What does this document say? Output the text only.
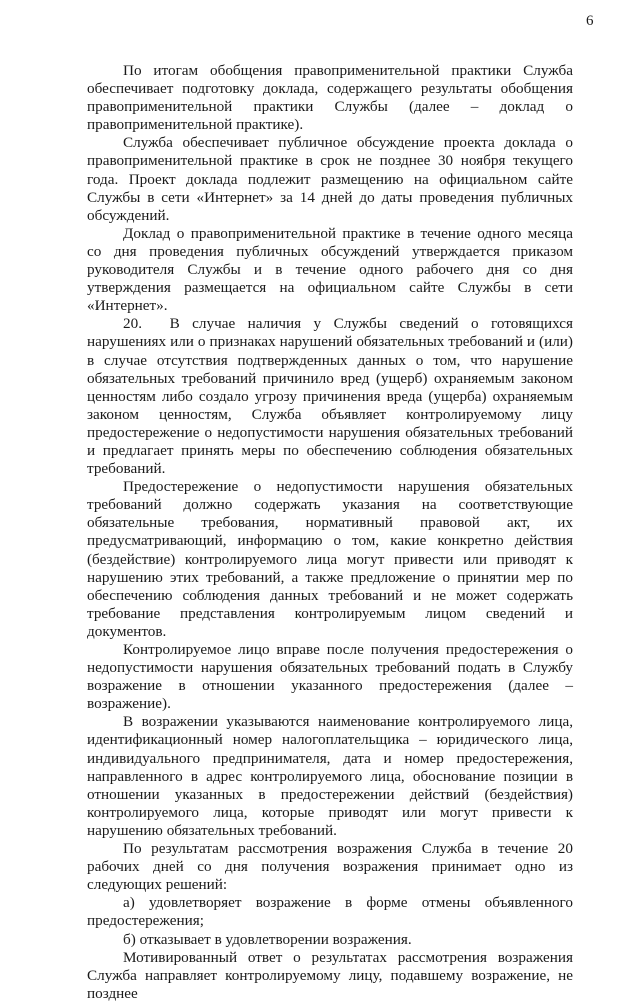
6

По итогам обобщения правоприменительной практики Служба обеспечивает подготовку доклада, содержащего результаты обобщения правоприменительной практики Службы (далее – доклад о правоприменительной практике).

Служба обеспечивает публичное обсуждение проекта доклада о правоприменительной практике в срок не позднее 30 ноября текущего года. Проект доклада подлежит размещению на официальном сайте Службы в сети «Интернет» за 14 дней до даты проведения публичных обсуждений.

Доклад о правоприменительной практике в течение одного месяца со дня проведения публичных обсуждений утверждается приказом руководителя Службы и в течение одного рабочего дня со дня утверждения размещается на официальном сайте Службы в сети «Интернет».

20.  В случае наличия у Службы сведений о готовящихся нарушениях или о признаках нарушений обязательных требований и (или) в случае отсутствия подтвержденных данных о том, что нарушение обязательных требований причинило вред (ущерб) охраняемым законом ценностям либо создало угрозу причинения вреда (ущерба) охраняемым законом ценностям, Служба объявляет контролируемому лицу предостережение о недопустимости нарушения обязательных требований и предлагает принять меры по обеспечению соблюдения обязательных требований.

Предостережение о недопустимости нарушения обязательных требований должно содержать указания на соответствующие обязательные требования, нормативный правовой акт, их предусматривающий, информацию о том, какие конкретно действия (бездействие) контролируемого лица могут привести или приводят к нарушению этих требований, а также предложение о принятии мер по обеспечению соблюдения данных требований и не может содержать требование представления контролируемым лицом сведений и документов.

Контролируемое лицо вправе после получения предостережения о недопустимости нарушения обязательных требований подать в Службу возражение в отношении указанного предостережения (далее – возражение).

В возражении указываются наименование контролируемого лица, идентификационный номер налогоплательщика – юридического лица, индивидуального предпринимателя, дата и номер предостережения, направленного в адрес контролируемого лица, обоснование позиции в отношении указанных в предостережении действий (бездействия) контролируемого лица, которые приводят или могут привести к нарушению обязательных требований.

По результатам рассмотрения возражения Служба в течение 20 рабочих дней со дня получения возражения принимает одно из следующих решений:

а) удовлетворяет возражение в форме отмены объявленного предостережения;

б) отказывает в удовлетворении возражения.

Мотивированный ответ о результатах рассмотрения возражения Служба направляет контролируемому лицу, подавшему возражение, не позднее
